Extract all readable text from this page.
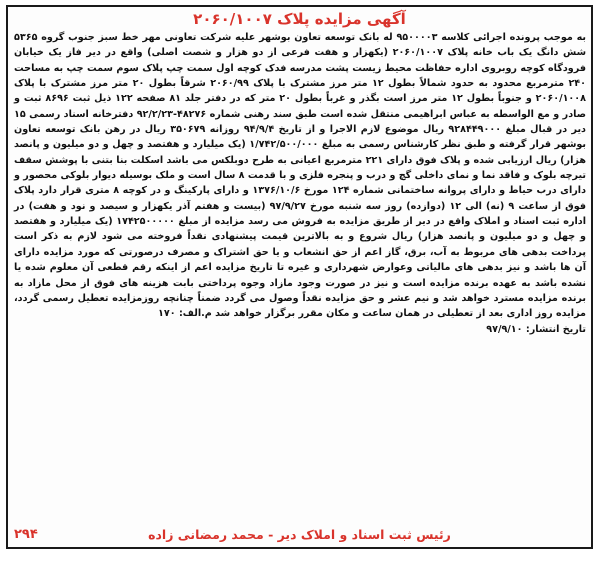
آگهی مزایده پلاک ۲۰۶۰/۱۰۰۷

به موجب پرونده اجرائی کلاسه ۹۵۰۰۰۰۳ له بانک توسعه تعاون بوشهر علیه شرکت تعاونی مهر خط سبز جنوب گروه ۵۳۶۵ شش دانگ یک باب خانه پلاک ۲۰۶۰/۱۰۰۷ (یکهزار و هفت فرعی از دو هزار و شصت اصلی) واقع در دیر فاز یک خیابان فرودگاه کوچه روبروی اداره حفاظت محیط زیست پشت مدرسه فدک کوچه اول سمت چپ پلاک سوم سمت چپ به مساحت ۲۴۰ مترمربع محدود به حدود شمالاً بطول ۱۲ متر مرز مشترک با پلاک ۲۰۶۰/۹۹ شرقاً بطول ۲۰ متر مرز مشترک با پلاک ۲۰۶۰/۱۰۰۸ و جنوباً بطول ۱۲ متر مرز است بگذر و غرباً بطول ۲۰ متر که در دفتر جلد ۸۱ صفحه ۱۲۲ ذیل ثبت ۸۶۹۶ ثبت و صادر و مع الواسطه به عباس ابراهیمی منتقل شده است طبق سند رهنی شماره ۴۸۲۷۶-۹۲/۲/۲۳ دفترخانه اسناد رسمی ۱۵ دیر در قبال مبلغ ۹۲۸۴۴۹۰۰۰ ریال موضوع لازم الاجرا و از تاریخ ۹۴/۹/۴ روزانه ۳۵۰۶۷۹ ریال در رهن بانک توسعه تعاون بوشهر قرار گرفته و طبق نظر کارشناس رسمی به مبلغ ۱/۷۴۲/۵۰۰/۰۰۰ (یک میلیارد و هفتصد و چهل و دو میلیون و پانصد هزار) ریال ارزیابی شده و پلاک فوق دارای ۲۲۱ مترمربع اعیانی به طرح دوبلکس می باشد اسکلت بنا بتنی با پوشش سقف تیرچه بلوک و فاقد نما و نمای داخلی گچ و درب و پنجره فلزی و با قدمت ۸ سال است و ملک بوسیله دیوار بلوکی محصور و دارای درب حیاط و دارای پروانه ساختمانی شماره ۱۲۴ مورخ ۱۳۷۶/۱۰/۶ و دارای پارکینگ و در کوچه ۸ متری قرار دارد پلاک فوق از ساعت ۹ (نه) الی ۱۲ (دوازده) روز سه شنبه مورخ ۹۷/۹/۲۷ (بیست و هفتم آذر یکهزار و سیصد و نود و هفت) در اداره ثبت اسناد و املاک واقع در دیر از طریق مزایده به فروش می رسد مزایده از مبلغ ۱۷۴۲۵۰۰۰۰۰ (یک میلیارد و هفتصد و چهل و دو میلیون و پانصد هزار) ریال شروع و به بالاترین قیمت پیشنهادی نقداً فروخته می شود لازم به ذکر است پرداخت بدهی های مربوط به آب، برق، گاز اعم از حق انشعاب و یا حق اشتراک و مصرف درصورتی که مورد مزایده دارای آن ها باشد و نیز بدهی های مالیاتی وعوارض شهرداری و غیره تا تاریخ مزایده اعم از اینکه رقم قطعی آن معلوم شده یا نشده باشد به عهده برنده مزایده است و نیز در صورت وجود مازاد وجوه پرداختی بابت هزینه های فوق از محل مازاد به برنده مزایده مسترد خواهد شد و نیم عشر و حق مزایده نقداً وصول می گردد ضمناً چنانچه روزمزایده تعطیل رسمی گردد، مزایده روز اداری بعد از تعطیلی در همان ساعت و مکان مقرر برگزار خواهد شد م.الف: ۱۷۰

تاریخ انتشار: ۹۷/۹/۱۰
رئیس ثبت اسناد و املاک دیر - محمد رمضانی زاده
۲۹۴
